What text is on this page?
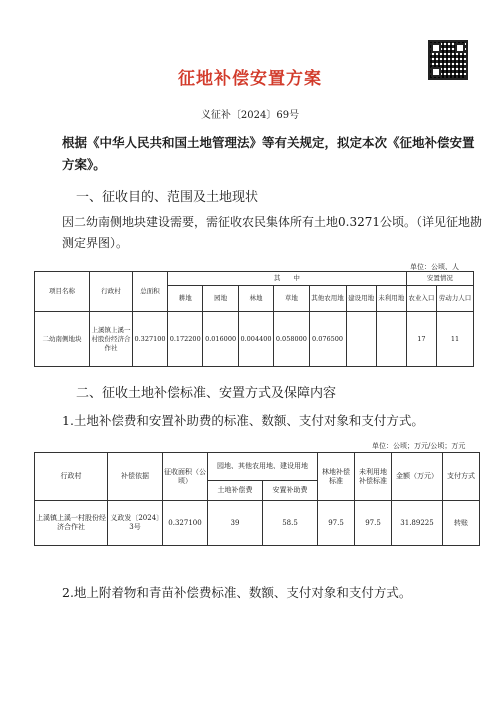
征地补偿安置方案
义征补〔2024〕69号
根据《中华人民共和国土地管理法》等有关规定，拟定本次《征地补偿安置方案》。
一、征收目的、范围及土地现状
因二幼南侧地块建设需要，需征收农民集体所有土地0.3271公顷。（详见征地勘测定界图）。
单位：公顷、人
项目名称	行政村	总面积	其　　中							安置情况	
			耕地	园地	林地	草地	其他农用地	建设用地	未利用地	农业入口	劳动力人口
二幼南侧地块	上溪镇上溪一村股份经济合作社	0.327100	0.172200	0.016000	0.004400	0.058000	0.076500			17	11
二、征收土地补偿标准、安置方式及保障内容
1.土地补偿费和安置补助费的标准、数额、支付对象和支付方式。
单位：公顷；万元/公顷；万元
行政村	补偿依据	征收面积（公顷）	园地、其他农用地、建设用地		林地补偿标准	未利用地补偿标准	金额（万元）	支付方式
			土地补偿费	安置补助费				
上溪镇上溪一村股份经济合作社	义政发〔2024〕3号	0.327100	39	58.5	97.5	97.5	31.89225	转账
2.地上附着物和青苗补偿费标准、数额、支付对象和支付方式。
